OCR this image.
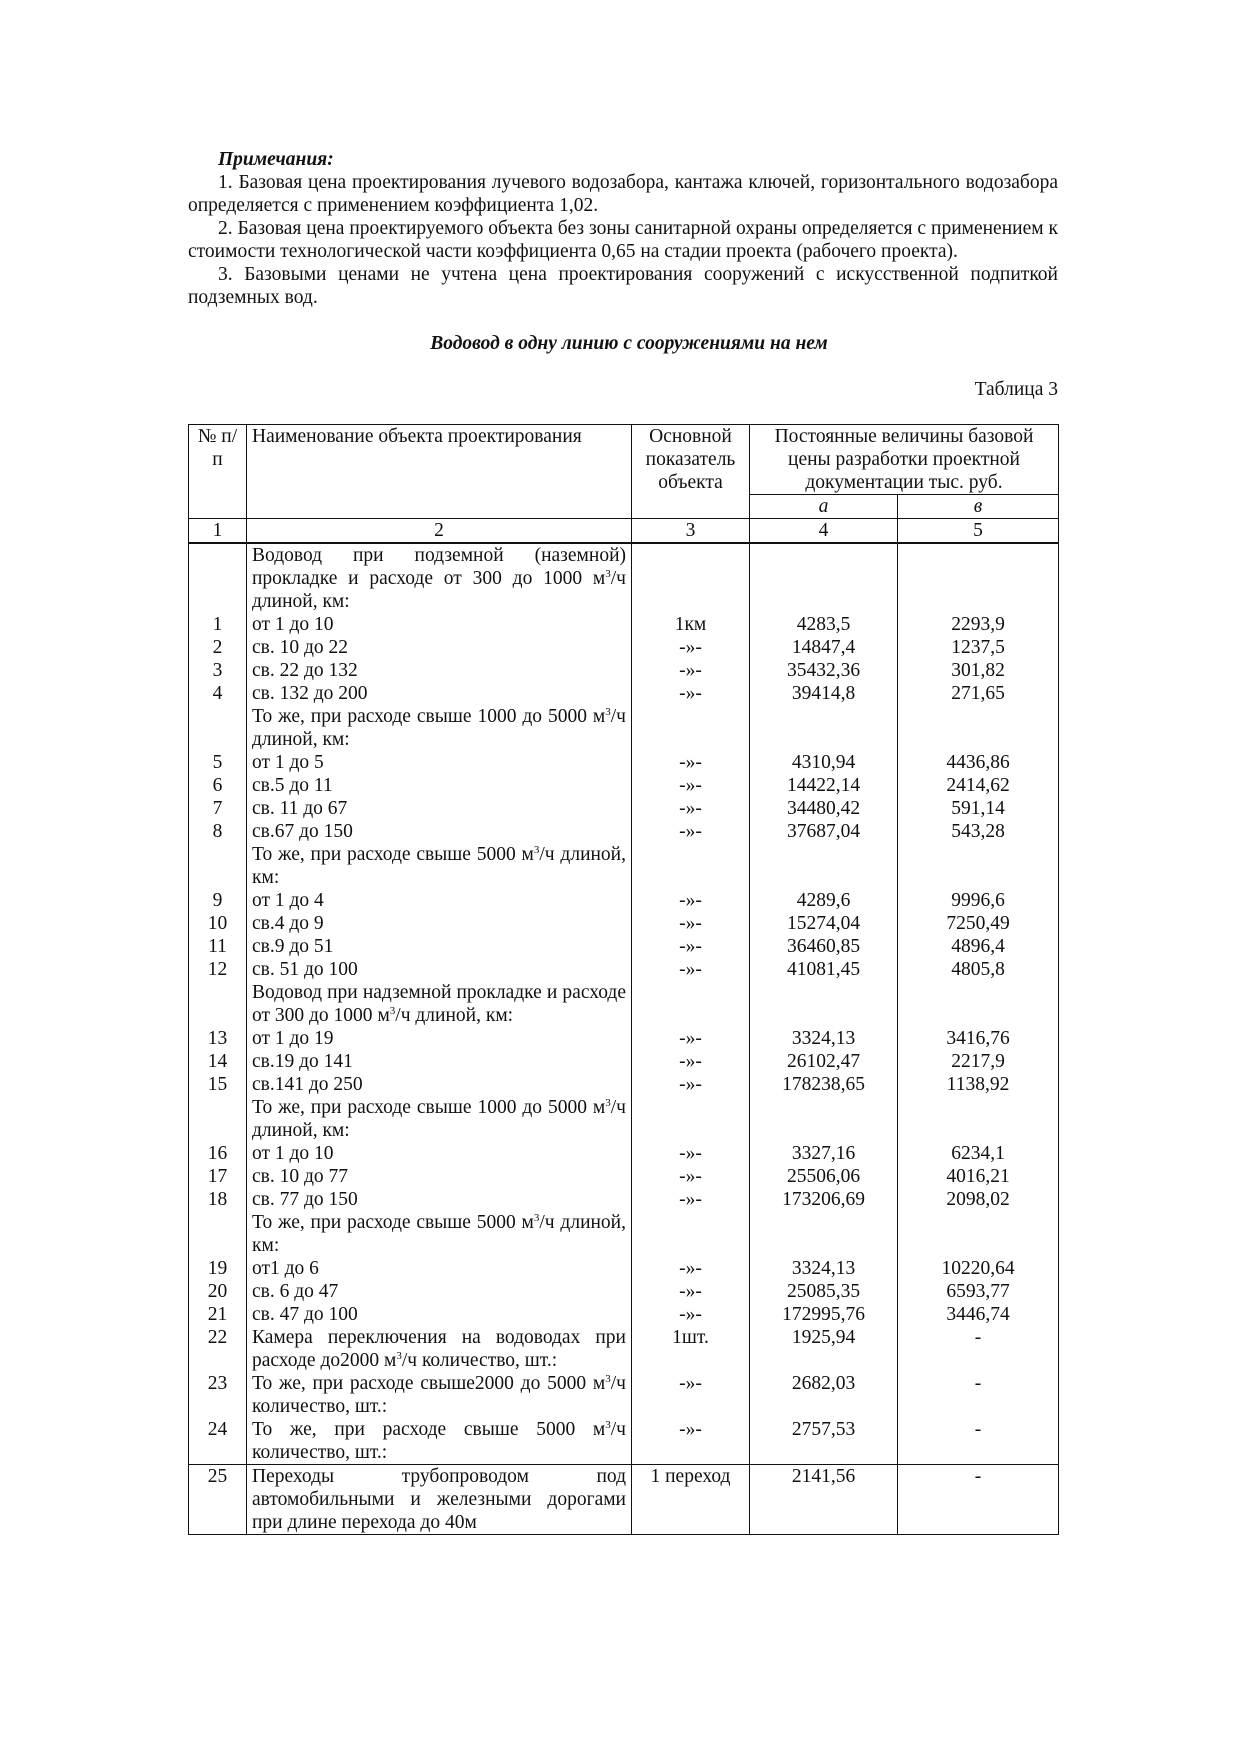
Примечания:

1. Базовая цена проектирования лучевого водозабора, кантажа ключей, горизонтального водозабора определяется с применением коэффициента 1,02.

2. Базовая цена проектируемого объекта без зоны санитарной охраны определяется с применением к стоимости технологической части коэффициента 0,65 на стадии проекта (рабочего проекта).

3. Базовыми ценами не учтена цена проектирования сооружений с искусственной подпиткой подземных вод.

Водовод в одну линию с сооружениями на нем

Таблица 3

№ п/п	Наименование объекта проектирования	Основной показатель объекта	Постоянные величины базовой цены разработки проектной документации тыс. руб.	
			а	в
1	2	3	4	5
	Водовод при подземной (наземной) прокладке и расходе от 300 до 1000 $м^3/ч$ длиной, км:			
1	от 1 до 10	1км	4283,5	2293,9
2	св. 10 до 22	-»-	14847,4	1237,5
3	св. 22 до 132	-»-	35432,36	301,82
4	св. 132 до 200	-»-	39414,8	271,65
	То же, при расходе свыше 1000 до 5000 $м^3/ч$ длиной, км:			
5	от 1 до 5	-»-	4310,94	4436,86
6	св.5 до 11	-»-	14422,14	2414,62
7	св. 11 до 67	-»-	34480,42	591,14
8	св.67 до 150	-»-	37687,04	543,28
	То же, при расходе свыше 5000 $м^3/ч$ длиной, км:			
9	от 1 до 4	-»-	4289,6	9996,6
10	св.4 до 9	-»-	15274,04	7250,49
11	св.9 до 51	-»-	36460,85	4896,4
12	св. 51 до 100	-»-	41081,45	4805,8
	Водовод при надземной прокладке и расходе от 300 до 1000 $м^3/ч$ длиной, км:			
13	от 1 до 19	-»-	3324,13	3416,76
14	св.19 до 141	-»-	26102,47	2217,9
15	св.141 до 250	-»-	178238,65	1138,92
	То же, при расходе свыше 1000 до 5000 $м^3/ч$ длиной, км:			
16	от 1 до 10	-»-	3327,16	6234,1
17	св. 10 до 77	-»-	25506,06	4016,21
18	св. 77 до 150	-»-	173206,69	2098,02
	То же, при расходе свыше 5000 $м^3/ч$ длиной, км:			
19	от1 до 6	-»-	3324,13	10220,64
20	св. 6 до 47	-»-	25085,35	6593,77
21	св. 47 до 100	-»-	172995,76	3446,74
22	Камера переключения на водоводах при расходе до2000 $м^3/ч$ количество, шт.:	1шт.	1925,94	-
23	То же, при расходе свыше2000 до 5000 $м^3/ч$ количество, шт.:	-»-	2682,03	-
24	То же, при расходе свыше 5000 $м^3/ч$ количество, шт.:	-»-	2757,53	-
25	Переходы трубопроводом под автомобильными и железными дорогами при длине перехода до 40м	1 переход	2141,56	-
